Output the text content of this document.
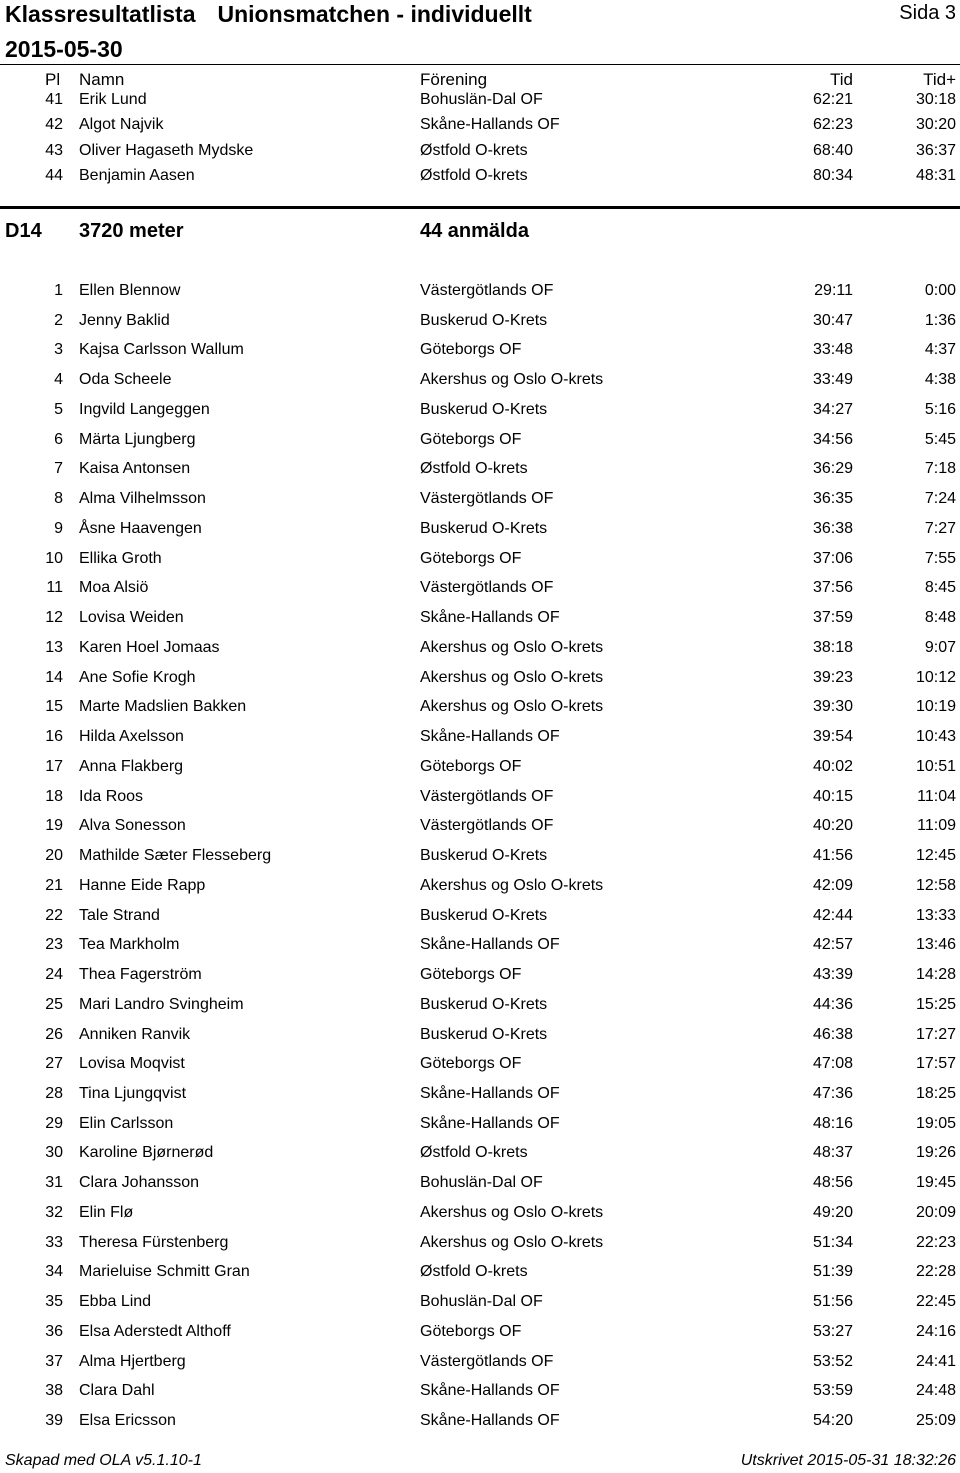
Klassresultatlista Unionsmatchen - individuellt	Sida 3
2015-05-30
Pl Namn	Förening	Tid	Tid+
41 Erik Lund	Bohuslän-Dal OF	62:21	30:18
42 Algot Najvik	Skåne-Hallands OF	62:23	30:20
43 Oliver Hagaseth Mydske	Østfold O-krets	68:40	36:37
44 Benjamin Aasen	Østfold O-krets	80:34	48:31
D14 3720 meter	44 anmälda
1 Ellen Blennow	Västergötlands OF	29:11	0:00
2 Jenny Baklid	Buskerud O-Krets	30:47	1:36
3 Kajsa Carlsson Wallum	Göteborgs OF	33:48	4:37
4 Oda Scheele	Akershus og Oslo O-krets	33:49	4:38
5 Ingvild Langeggen	Buskerud O-Krets	34:27	5:16
6 Märta Ljungberg	Göteborgs OF	34:56	5:45
7 Kaisa Antonsen	Østfold O-krets	36:29	7:18
8 Alma Vilhelmsson	Västergötlands OF	36:35	7:24
9 Åsne Haavengen	Buskerud O-Krets	36:38	7:27
10 Ellika Groth	Göteborgs OF	37:06	7:55
11 Moa Alsiö	Västergötlands OF	37:56	8:45
12 Lovisa Weiden	Skåne-Hallands OF	37:59	8:48
13 Karen Hoel Jomaas	Akershus og Oslo O-krets	38:18	9:07
14 Ane Sofie Krogh	Akershus og Oslo O-krets	39:23	10:12
15 Marte Madslien Bakken	Akershus og Oslo O-krets	39:30	10:19
16 Hilda Axelsson	Skåne-Hallands OF	39:54	10:43
17 Anna Flakberg	Göteborgs OF	40:02	10:51
18 Ida Roos	Västergötlands OF	40:15	11:04
19 Alva Sonesson	Västergötlands OF	40:20	11:09
20 Mathilde Sæter Flesseberg	Buskerud O-Krets	41:56	12:45
21 Hanne Eide Rapp	Akershus og Oslo O-krets	42:09	12:58
22 Tale Strand	Buskerud O-Krets	42:44	13:33
23 Tea Markholm	Skåne-Hallands OF	42:57	13:46
24 Thea Fagerström	Göteborgs OF	43:39	14:28
25 Mari Landro Svingheim	Buskerud O-Krets	44:36	15:25
26 Anniken Ranvik	Buskerud O-Krets	46:38	17:27
27 Lovisa Moqvist	Göteborgs OF	47:08	17:57
28 Tina Ljungqvist	Skåne-Hallands OF	47:36	18:25
29 Elin Carlsson	Skåne-Hallands OF	48:16	19:05
30 Karoline Bjørnerød	Østfold O-krets	48:37	19:26
31 Clara Johansson	Bohuslän-Dal OF	48:56	19:45
32 Elin Flø	Akershus og Oslo O-krets	49:20	20:09
33 Theresa Fürstenberg	Akershus og Oslo O-krets	51:34	22:23
34 Marieluise Schmitt Gran	Østfold O-krets	51:39	22:28
35 Ebba Lind	Bohuslän-Dal OF	51:56	22:45
36 Elsa Aderstedt Althoff	Göteborgs OF	53:27	24:16
37 Alma Hjertberg	Västergötlands OF	53:52	24:41
38 Clara Dahl	Skåne-Hallands OF	53:59	24:48
39 Elsa Ericsson	Skåne-Hallands OF	54:20	25:09
Skapad med OLA v5.1.10-1	Utskrivet 2015-05-31 18:32:26
